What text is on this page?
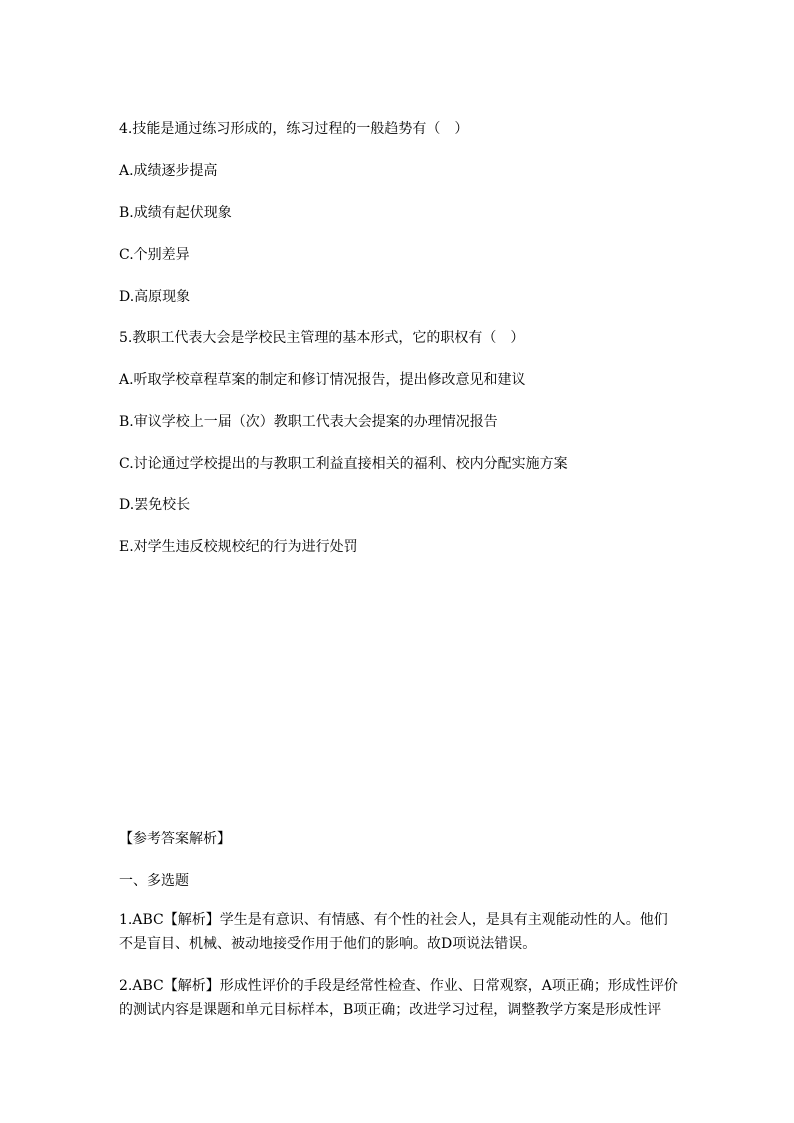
4.技能是通过练习形成的，练习过程的一般趋势有（　）
A.成绩逐步提高
B.成绩有起伏现象
C.个别差异
D.高原现象
5.教职工代表大会是学校民主管理的基本形式，它的职权有（　）
A.听取学校章程草案的制定和修订情况报告，提出修改意见和建议
B.审议学校上一届（次）教职工代表大会提案的办理情况报告
C.讨论通过学校提出的与教职工利益直接相关的福利、校内分配实施方案
D.罢免校长
E.对学生违反校规校纪的行为进行处罚
【参考答案解析】
一、多选题
1.ABC【解析】学生是有意识、有情感、有个性的社会人，是具有主观能动性的人。他们不是盲目、机械、被动地接受作用于他们的影响。故D项说法错误。
2.ABC【解析】形成性评价的手段是经常性检查、作业、日常观察，A项正确；形成性评价的测试内容是课题和单元目标样本，B项正确；改进学习过程，调整教学方案是形成性评
